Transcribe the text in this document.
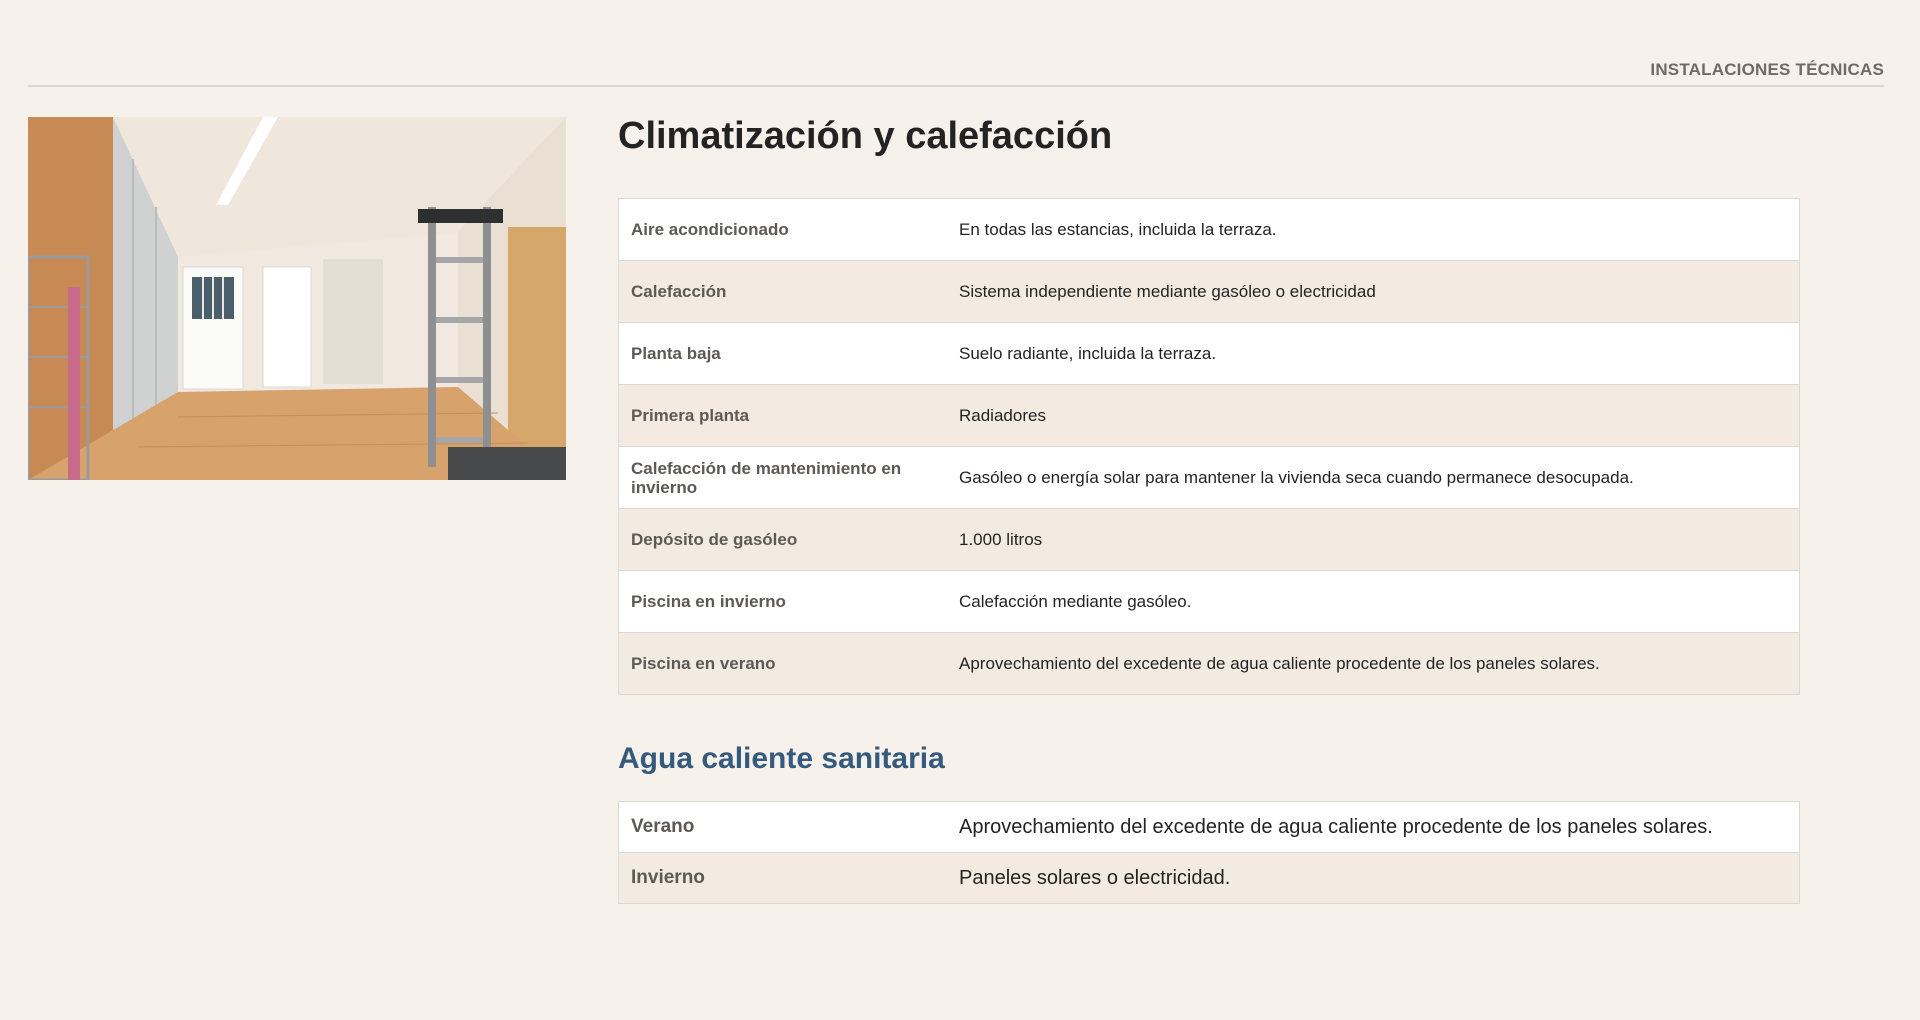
INSTALACIONES TÉCNICAS
Climatización y calefacción
Aire acondicionado	En todas las estancias, incluida la terraza.
Calefacción	Sistema independiente mediante gasóleo o electricidad
Planta baja	Suelo radiante, incluida la terraza.
Primera planta	Radiadores
Calefacción de mantenimiento en invierno	Gasóleo o energía solar para mantener la vivienda seca cuando permanece desocupada.
Depósito de gasóleo	1.000 litros
Piscina en invierno	Calefacción mediante gasóleo.
Piscina en verano	Aprovechamiento del excedente de agua caliente procedente de los paneles solares.
Agua caliente sanitaria
Verano	Aprovechamiento del excedente de agua caliente procedente de los paneles solares.
Invierno	Paneles solares o electricidad.
